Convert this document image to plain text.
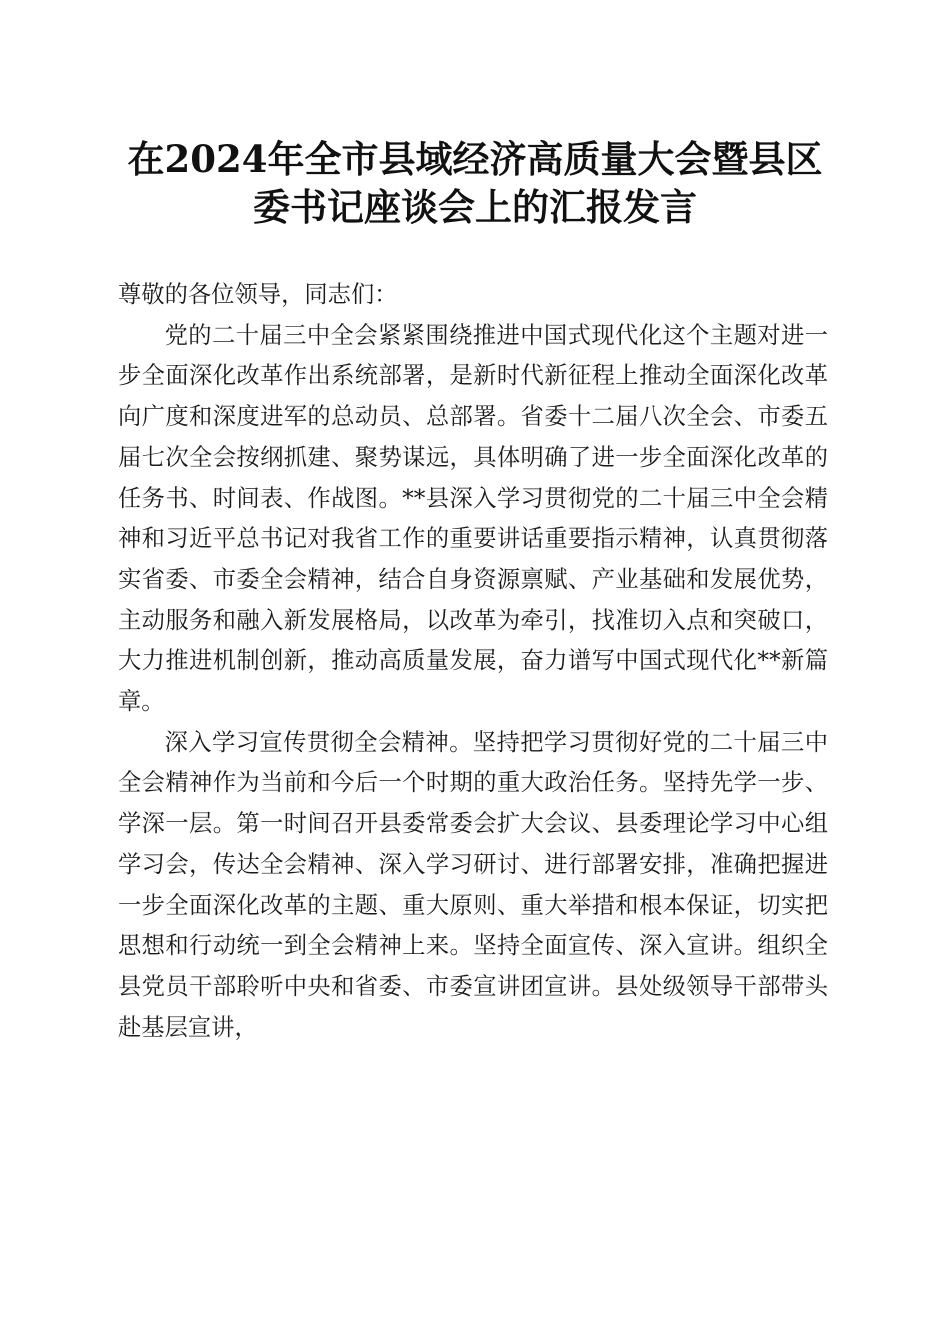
在2024年全市县域经济高质量大会暨县区委书记座谈会上的汇报发言

尊敬的各位领导，同志们：

党的二十届三中全会紧紧围绕推进中国式现代化这个主题对进一步全面深化改革作出系统部署，是新时代新征程上推动全面深化改革向广度和深度进军的总动员、总部署。省委十二届八次全会、市委五届七次全会按纲抓建、聚势谋远，具体明确了进一步全面深化改革的任务书、时间表、作战图。**县深入学习贯彻党的二十届三中全会精神和习近平总书记对我省工作的重要讲话重要指示精神，认真贯彻落实省委、市委全会精神，结合自身资源禀赋、产业基础和发展优势，主动服务和融入新发展格局，以改革为牵引，找准切入点和突破口，大力推进机制创新，推动高质量发展，奋力谱写中国式现代化**新篇章。

深入学习宣传贯彻全会精神。坚持把学习贯彻好党的二十届三中全会精神作为当前和今后一个时期的重大政治任务。坚持先学一步、学深一层。第一时间召开县委常委会扩大会议、县委理论学习中心组学习会，传达全会精神、深入学习研讨、进行部署安排，准确把握进一步全面深化改革的主题、重大原则、重大举措和根本保证，切实把思想和行动统一到全会精神上来。坚持全面宣传、深入宣讲。组织全县党员干部聆听中央和省委、市委宣讲团宣讲。县处级领导干部带头赴基层宣讲，
